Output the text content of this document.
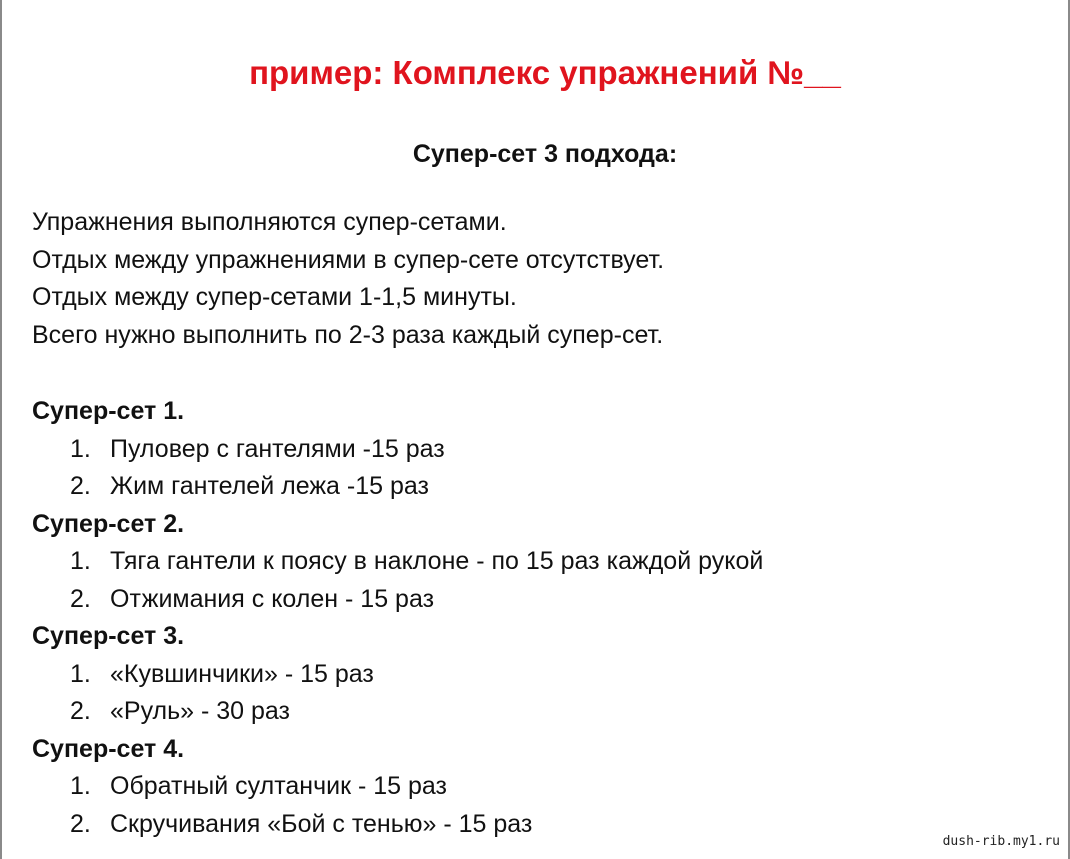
пример: Комплекс упражнений №__
Супер-сет 3 подхода:
Упражнения выполняются супер-сетами.
Отдых между упражнениями в супер-сете отсутствует.
Отдых между супер-сетами 1-1,5 минуты.
Всего нужно выполнить по 2-3 раза каждый супер-сет.
Супер-сет 1.
1. Пуловер с гантелями -15 раз
2. Жим гантелей лежа -15 раз
Супер-сет 2.
1. Тяга гантели к поясу в наклоне - по 15 раз каждой рукой
2. Отжимания с колен - 15 раз
Супер-сет 3.
1. «Кувшинчики» - 15 раз
2. «Руль» - 30 раз
Супер-сет 4.
1. Обратный султанчик - 15 раз
2. Скручивания «Бой с тенью» - 15 раз
dush-rib.my1.ru
